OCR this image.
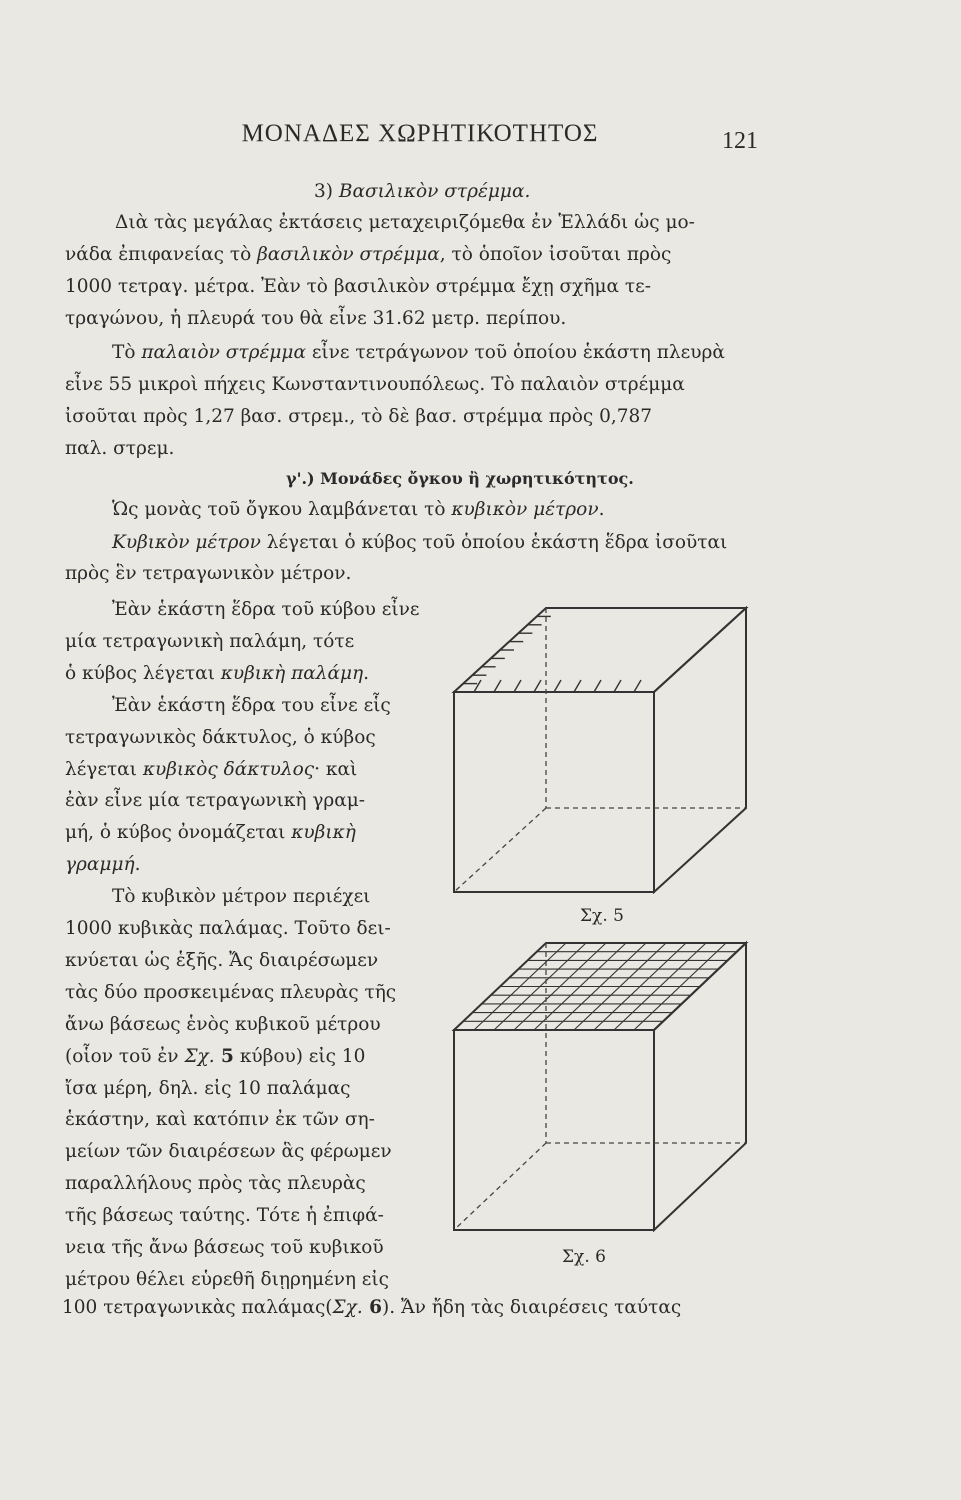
ΜΟΝΑΔΕΣ ΧΩΡΗΤΙΚΟΤΗΤΟΣ	121
3) Βασιλικὸν στρέμμα.
Διὰ τὰς μεγάλας ἐκτάσεις μεταχειριζόμεθα ἐν Ἑλλάδι ὡς μο-
νάδα ἐπιφανείας τὸ βασιλικὸν στρέμμα, τὸ ὁποῖον ἰσοῦται πρὸς
1000 τετραγ. μέτρα. Ἐὰν τὸ βασιλικὸν στρέμμα ἔχῃ σχῆμα τε-
τραγώνου, ἡ πλευρά του θὰ εἶνε 31.62 μετρ. περίπου.
Τὸ παλαιὸν στρέμμα εἶνε τετράγωνον τοῦ ὁποίου ἑκάστη πλευρὰ
εἶνε 55 μικροὶ πήχεις Κωνσταντινουπόλεως. Τὸ παλαιὸν στρέμμα
ἰσοῦται πρὸς 1,27 βασ. στρεμ., τὸ δὲ βασ. στρέμμα πρὸς 0,787
παλ. στρεμ.
γ'.) Μονάδες ὄγκου ἢ χωρητικότητος.
Ὡς μονὰς τοῦ ὄγκου λαμβάνεται τὸ κυβικὸν μέτρον.
Κυβικὸν μέτρον λέγεται ὁ κύβος τοῦ ὁποίου ἑκάστη ἕδρα ἰσοῦται
πρὸς ἓν τετραγωνικὸν μέτρον.
Ἐὰν ἑκάστη ἕδρα τοῦ κύβου εἶνε
μία τετραγωνικὴ παλάμη, τότε
ὁ κύβος λέγεται κυβικὴ παλάμη.
Ἐὰν ἑκάστη ἕδρα του εἶνε εἷς
τετραγωνικὸς δάκτυλος, ὁ κύβος
λέγεται κυβικὸς δάκτυλος· καὶ
ἐὰν εἶνε μία τετραγωνικὴ γραμ-
μή, ὁ κύβος ὀνομάζεται κυβικὴ
γραμμή.
Τὸ κυβικὸν μέτρον περιέχει
1000 κυβικὰς παλάμας. Τοῦτο δει-
κνύεται ὡς ἑξῆς. Ἄς διαιρέσωμεν
τὰς δύο προσκειμένας πλευρὰς τῆς
ἄνω βάσεως ἑνὸς κυβικοῦ μέτρου
(οἷον τοῦ ἐν Σχ. 5 κύβου) εἰς 10
ἴσα μέρη, δηλ. εἰς 10 παλάμας
ἑκάστην, καὶ κατόπιν ἐκ τῶν ση-
μείων τῶν διαιρέσεων ἃς φέρωμεν
παραλλήλους πρὸς τὰς πλευρὰς
τῆς βάσεως ταύτης. Τότε ἡ ἐπιφά-
νεια τῆς ἄνω βάσεως τοῦ κυβικοῦ
μέτρου θέλει εὑρεθῆ διῃρημένη εἰς
100 τετραγωνικὰς παλάμας(Σχ. 6). Ἄν ἤδη τὰς διαιρέσεις ταύτας
Σχ. 5
Σχ. 6
